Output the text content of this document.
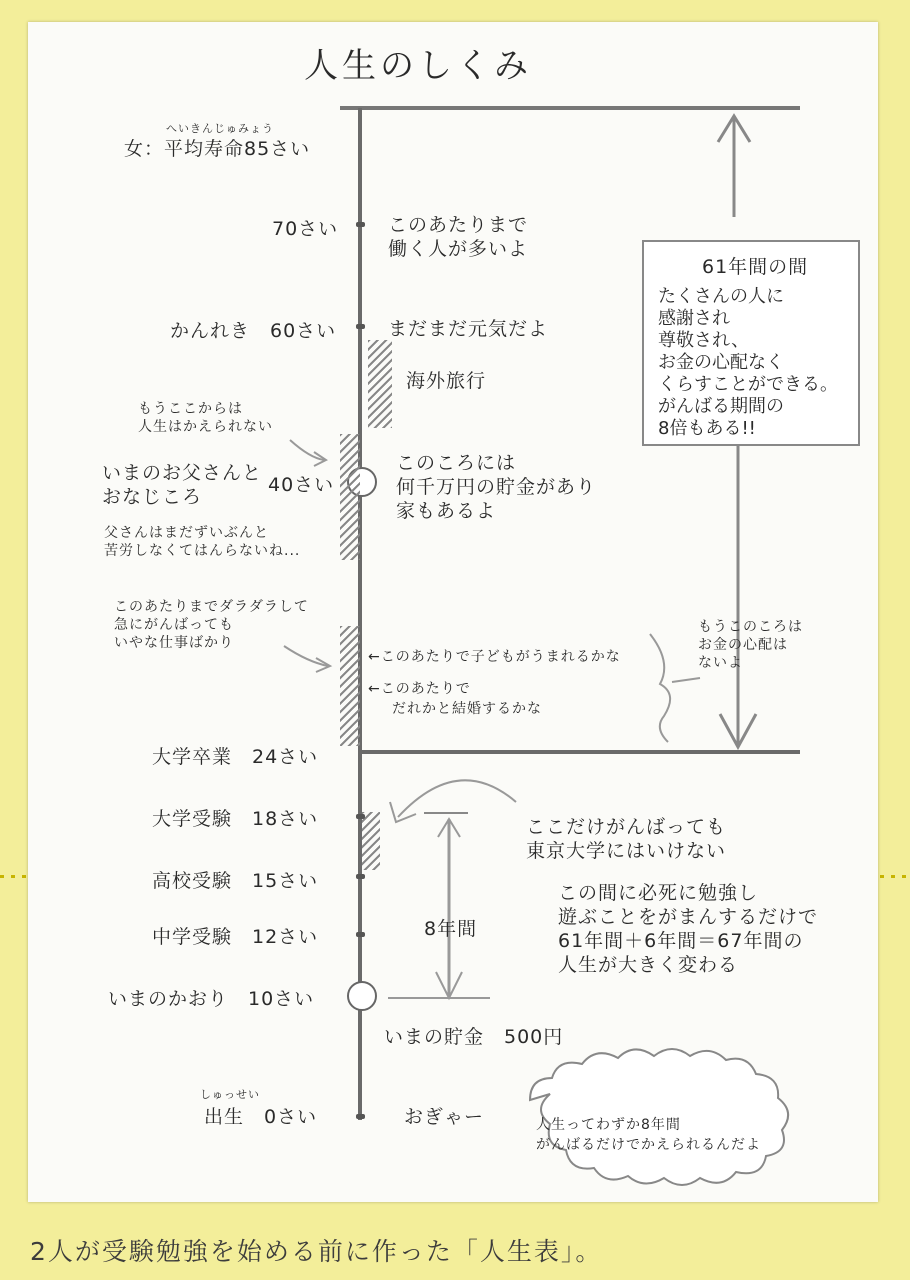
人生のしくみ
へいきんじゅみょう
女：平均寿命85さい
70さい
かんれき　60さい
もうここからは
人生はかえられない
いまのお父さんと
おなじころ
40さい
父さんはまだずいぶんと
苦労しなくてはんらないね...
このあたりまでダラダラして
急にがんばっても
いやな仕事ばかり
大学卒業　24さい
大学受験　18さい
高校受験　15さい
中学受験　12さい
いまのかおり　10さい
しゅっせい
出生　0さい
このあたりまで
働く人が多いよ
まだまだ元気だよ
海外旅行
このころには
何千万円の貯金があり
家もあるよ
←このあたりで子どもがうまれるかな
←このあたりで
だれかと結婚するかな
もうこのころは
お金の心配は
ないよ
ここだけがんばっても
東京大学にはいけない
この間に必死に勉強し
遊ぶことをがまんするだけで
61年間＋6年間＝67年間の
人生が大きく変わる
8年間
いまの貯金　500円
おぎゃー
61年間の間
たくさんの人に
感謝され
尊敬され、
お金の心配なく
くらすことができる。
がんばる期間の
8倍もある!!
人生ってわずか8年間
がんばるだけでかえられるんだよ
2人が受験勉強を始める前に作った「人生表」。
